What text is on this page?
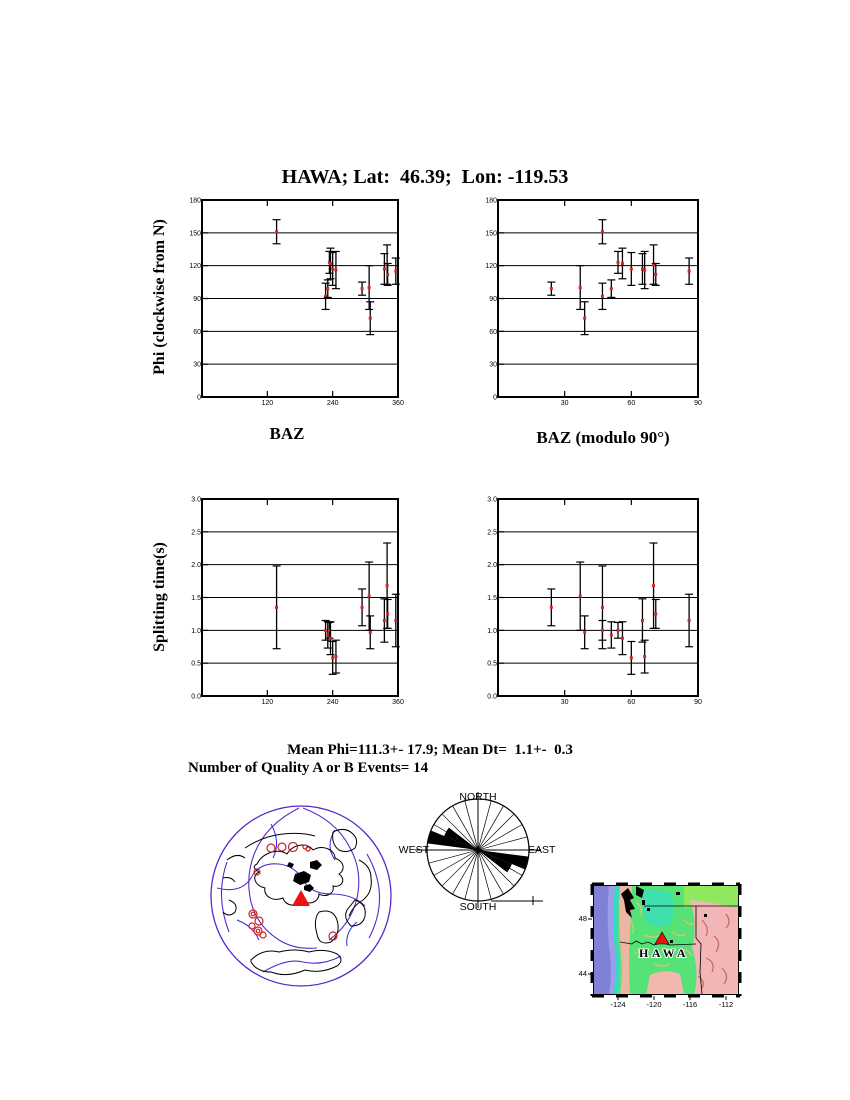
HAWA; Lat:  46.39;  Lon: -119.53
Phi (clockwise from N)
Splitting time(s)
BAZ	BAZ (modulo 90°)
0
30
60
90
120
150
180
120	240	360
0
30
60
90
120
150
180
30	60	90
0.0
0.5
1.0
1.5
2.0
2.5
3.0
120	240	360
0.0
0.5
1.0
1.5
2.0
2.5
3.0
30	60	90
Mean Phi=111.3+- 17.9; Mean Dt=  1.1+-  0.3
Number of Quality A or B Events= 14
NORTH
SOUTH
WEST	EAST
HAWA
48
44
-124	-120	-116	-112
